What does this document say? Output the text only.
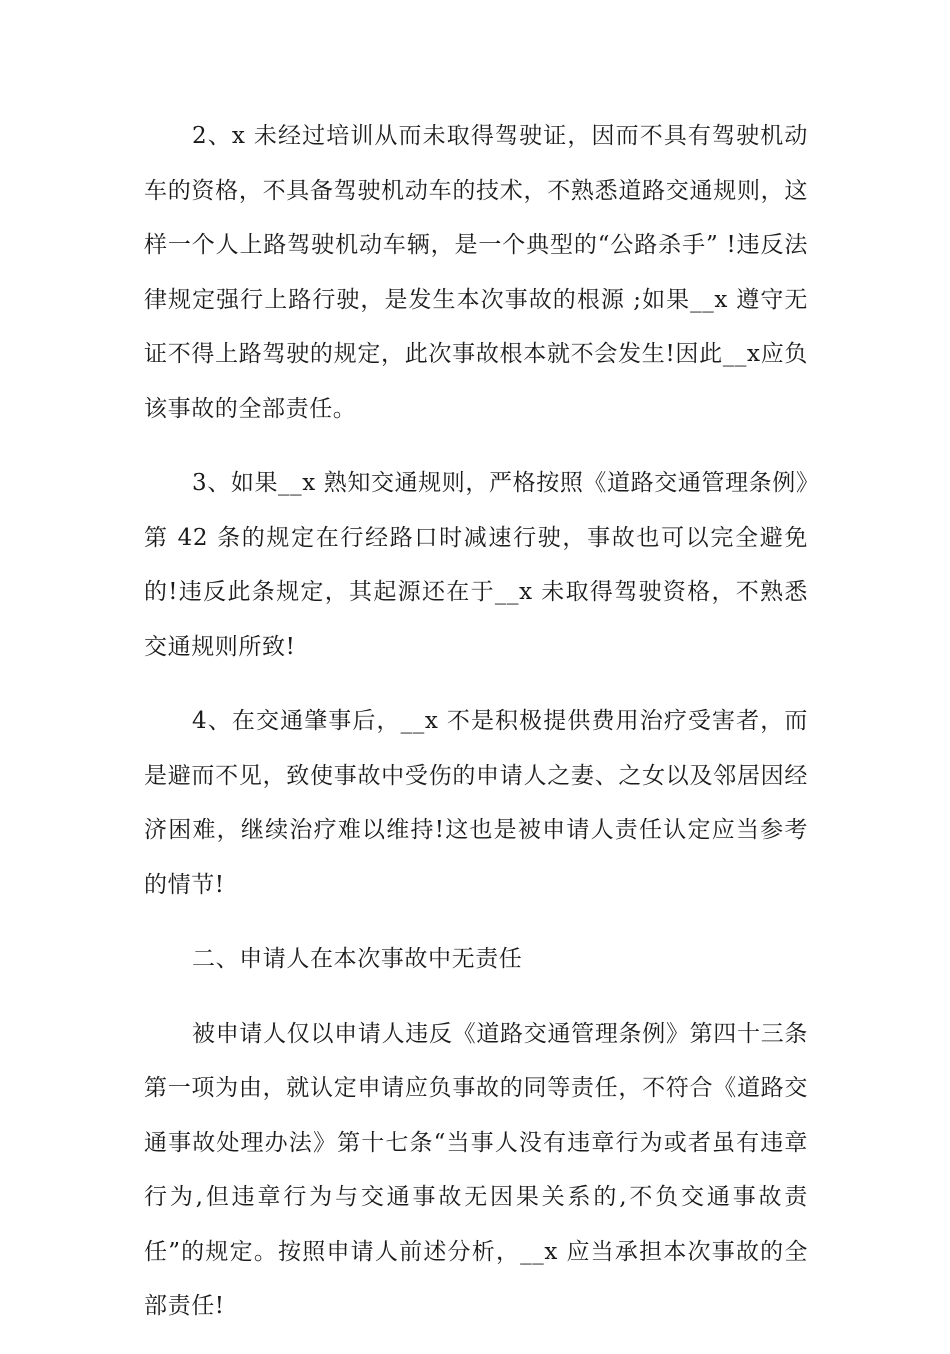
2、x 未经过培训从而未取得驾驶证，因而不具有驾驶机动车的资格，不具备驾驶机动车的技术，不熟悉道路交通规则，这样一个人上路驾驶机动车辆，是一个典型的“公路杀手” !违反法律规定强行上路行驶，是发生本次事故的根源 ;如果__x 遵守无证不得上路驾驶的规定，此次事故根本就不会发生!因此__x应负该事故的全部责任。

3、如果__x 熟知交通规则，严格按照《道路交通管理条例》第 42 条的规定在行经路口时减速行驶，事故也可以完全避免的!违反此条规定，其起源还在于__x 未取得驾驶资格，不熟悉交通规则所致!

4、在交通肇事后，__x 不是积极提供费用治疗受害者，而是避而不见，致使事故中受伤的申请人之妻、之女以及邻居因经济困难，继续治疗难以维持!这也是被申请人责任认定应当参考的情节!

二、申请人在本次事故中无责任

被申请人仅以申请人违反《道路交通管理条例》第四十三条第一项为由，就认定申请应负事故的同等责任，不符合《道路交通事故处理办法》第十七条“当事人没有违章行为或者虽有违章行为,但违章行为与交通事故无因果关系的,不负交通事故责任”的规定。按照申请人前述分析，__x 应当承担本次事故的全部责任!
